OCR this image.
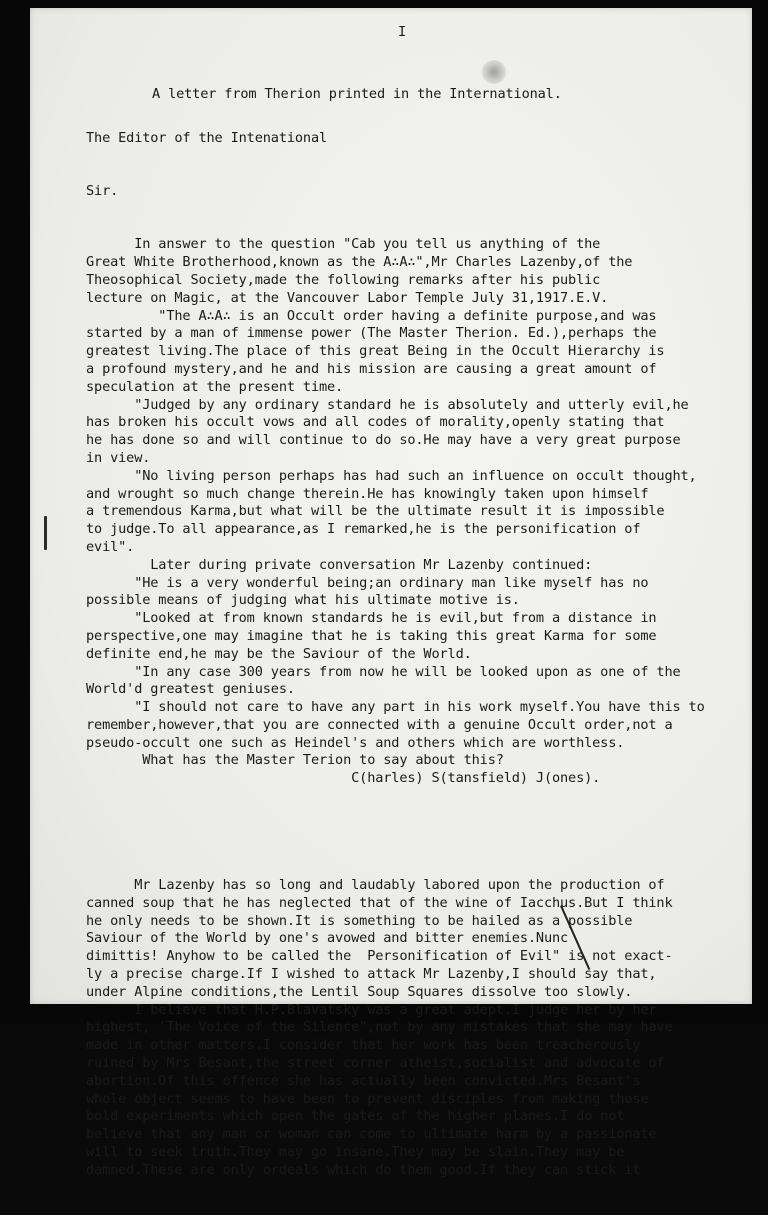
I

A letter from Therion printed in the International.

The Editor of the Intenational

Sir.

In answer to the question "Cab you tell us anything of the
Great White Brotherhood,known as the A∴A∴",Mr Charles Lazenby,of the
Theosophical Society,made the following remarks after his public
lecture on Magic, at the Vancouver Labor Temple July 31,1917.E.V.
"The A∴A∴ is an Occult order having a definite purpose,and was
started by a man of immense power (The Master Therion. Ed.),perhaps the
greatest living.The place of this great Being in the Occult Hierarchy is
a profound mystery,and he and his mission are causing a great amount of
speculation at the present time.
"Judged by any ordinary standard he is absolutely and utterly evil,he
has broken his occult vows and all codes of morality,openly stating that
he has done so and will continue to do so.He may have a very great purpose
in view.
"No living person perhaps has had such an influence on occult thought,
and wrought so much change therein.He has knowingly taken upon himself
a tremendous Karma,but what will be the ultimate result it is impossible
to judge.To all appearance,as I remarked,he is the personification of
evil".
Later during private conversation Mr Lazenby continued:
"He is a very wonderful being;an ordinary man like myself has no
possible means of judging what his ultimate motive is.
"Looked at from known standards he is evil,but from a distance in
perspective,one may imagine that he is taking this great Karma for some
definite end,he may be the Saviour of the World.
"In any case 300 years from now he will be looked upon as one of the
World'd greatest geniuses.
"I should not care to have any part in his work myself.You have this to
remember,however,that you are connected with a genuine Occult order,not a
pseudo-occult one such as Heindel's and others which are worthless.
What has the Master Terion to say about this?
C(harles) S(tansfield) J(ones).

Mr Lazenby has so long and laudably labored upon the production of
canned soup that he has neglected that of the wine of Iacchus.But I think
he only needs to be shown.It is something to be hailed as a possible
Saviour of the World by one's avowed and bitter enemies.Nunc
dimittis! Anyhow to be called the  Personification of Evil" is not exact-
ly a precise charge.If I wished to attack Mr Lazenby,I should say that,
under Alpine conditions,the Lentil Soup Squares dissolve too slowly.
I believe that H.P.Blavatsky was a great adept.I judge her by her
highest, 'The Voice of the Silence",not by any mistakes that she may have
made in other matters.I consider that her work has been treacherously
ruined by Mrs Besant,the street corner atheist,socialist and advocate of
abortion.Of this offence she has actually been convicted.Mrs Besant's
whole object seems to have been to prevent disciples from making those
bold experiments which open the gates of the higher planes.I do not
believe that any man or woman can come to ultimate harm by a passionate
will to seek truth.They may go insane.They may be slain.They may be
damned.These are only ordeals which do them good.If they can stick it
